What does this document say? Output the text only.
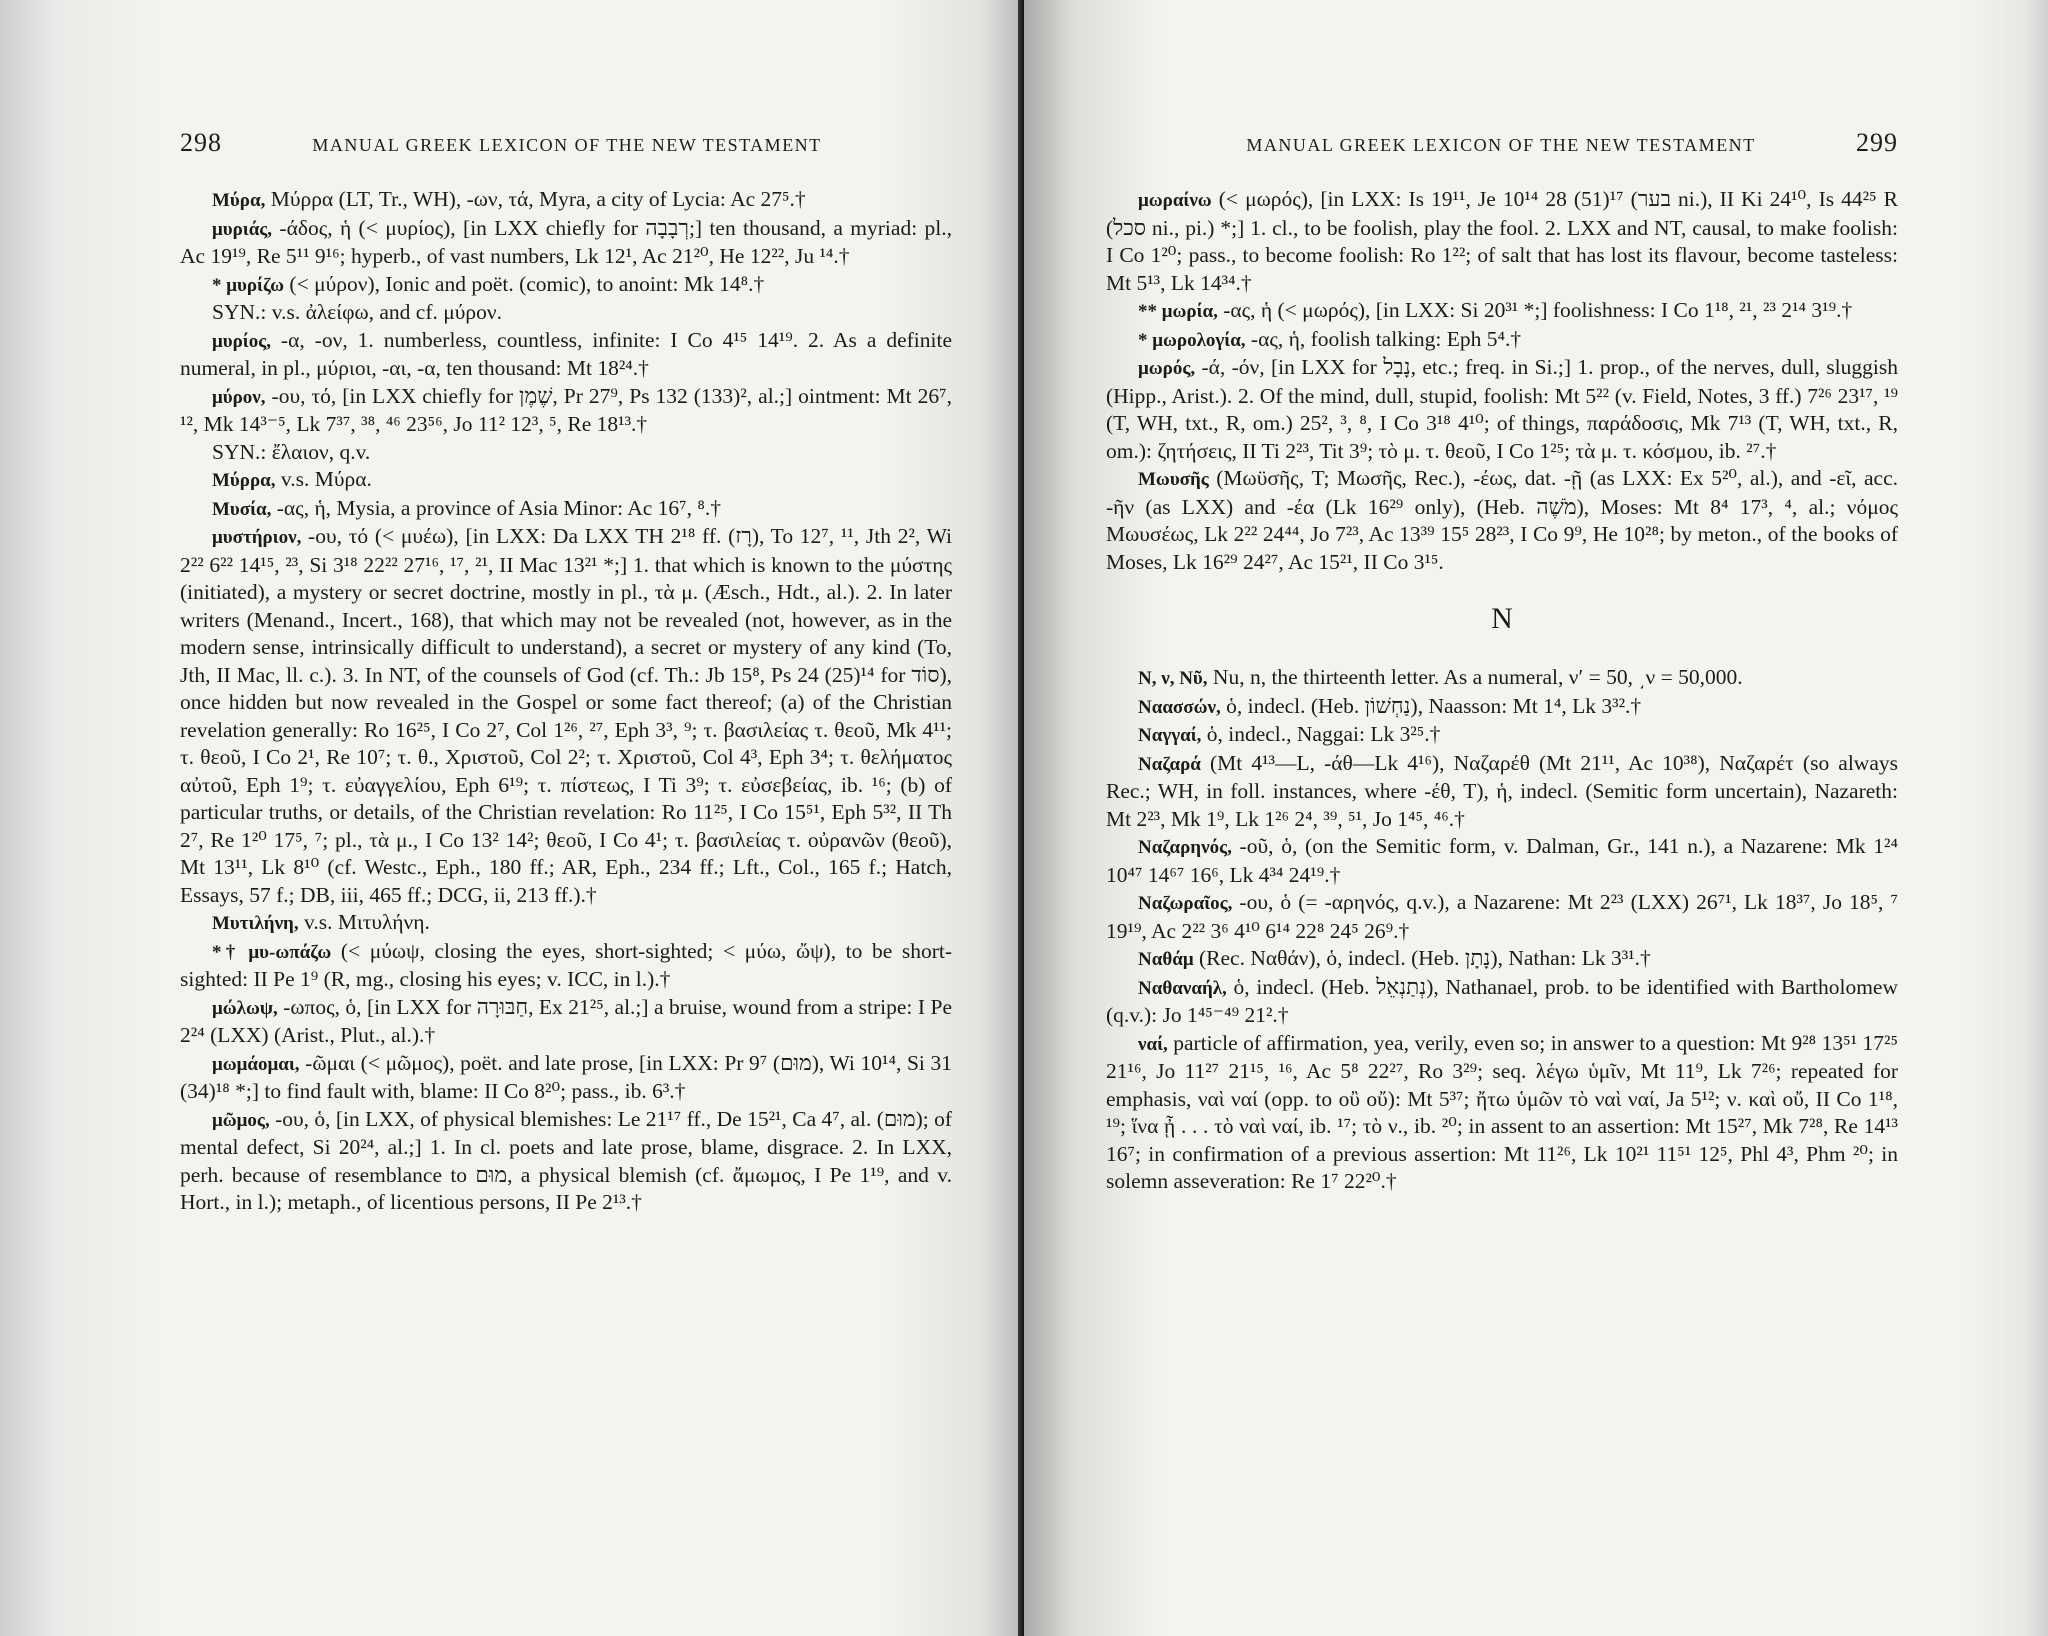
298	MANUAL GREEK LEXICON OF THE NEW TESTAMENT

Μύρα, Μύρρα (LT, Tr., WH), -ων, τά, Myra, a city of Lycia: Ac 27⁵.†

μυριάς, -άδος, ἡ (< μυρίος), [in LXX chiefly for רְבָבָה;] ten thousand, a myriad: pl., Ac 19¹⁹, Re 5¹¹ 9¹⁶; hyperb., of vast numbers, Lk 12¹, Ac 21²⁰, He 12²², Ju ¹⁴.†

* μυρίζω (< μύρον), Ionic and poët. (comic), to anoint: Mk 14⁸.†

SYN.: v.s. ἀλείφω, and cf. μύρον.

μυρίος, -α, -ον, 1. numberless, countless, infinite: I Co 4¹⁵ 14¹⁹. 2. As a definite numeral, in pl., μύριοι, -αι, -α, ten thousand: Mt 18²⁴.†

μύρον, -ου, τό, [in LXX chiefly for שֶׁמֶן, Pr 27⁹, Ps 132 (133)², al.;] ointment: Mt 26⁷, ¹², Mk 14³⁻⁵, Lk 7³⁷, ³⁸, ⁴⁶ 23⁵⁶, Jo 11² 12³, ⁵, Re 18¹³.†

SYN.: ἔλαιον, q.v.

Μύρρα, v.s. Μύρα.

Μυσία, -ας, ἡ, Mysia, a province of Asia Minor: Ac 16⁷, ⁸.†

μυστήριον, -ου, τό (< μυέω), [in LXX: Da LXX TH 2¹⁸ ff. (רָז), To 12⁷, ¹¹, Jth 2², Wi 2²² 6²² 14¹⁵, ²³, Si 3¹⁸ 22²² 27¹⁶, ¹⁷, ²¹, II Mac 13²¹ *;] 1. that which is known to the μύστης (initiated), a mystery or secret doctrine, mostly in pl., τὰ μ. (Æsch., Hdt., al.). 2. In later writers (Menand., Incert., 168), that which may not be revealed (not, however, as in the modern sense, intrinsically difficult to understand), a secret or mystery of any kind (To, Jth, II Mac, ll. c.). 3. In NT, of the counsels of God (cf. Th.: Jb 15⁸, Ps 24 (25)¹⁴ for סוֹד), once hidden but now revealed in the Gospel or some fact thereof; (a) of the Christian revelation generally: Ro 16²⁵, I Co 2⁷, Col 1²⁶, ²⁷, Eph 3³, ⁹; τ. βασιλείας τ. θεοῦ, Mk 4¹¹; τ. θεοῦ, I Co 2¹, Re 10⁷; τ. θ., Χριστοῦ, Col 2²; τ. Χριστοῦ, Col 4³, Eph 3⁴; τ. θελήματος αὐτοῦ, Eph 1⁹; τ. εὐαγγελίου, Eph 6¹⁹; τ. πίστεως, I Ti 3⁹; τ. εὐσεβείας, ib. ¹⁶; (b) of particular truths, or details, of the Christian revelation: Ro 11²⁵, I Co 15⁵¹, Eph 5³², II Th 2⁷, Re 1²⁰ 17⁵, ⁷; pl., τὰ μ., I Co 13² 14²; θεοῦ, I Co 4¹; τ. βασιλείας τ. οὐρανῶν (θεοῦ), Mt 13¹¹, Lk 8¹⁰ (cf. Westc., Eph., 180 ff.; AR, Eph., 234 ff.; Lft., Col., 165 f.; Hatch, Essays, 57 f.; DB, iii, 465 ff.; DCG, ii, 213 ff.).†

Μυτιλήνη, v.s. Μιτυλήνη.

*† μυ-ωπάζω (< μύωψ, closing the eyes, short-sighted; < μύω, ὤψ), to be short-sighted: II Pe 1⁹ (R, mg., closing his eyes; v. ICC, in l.).†

μώλωψ, -ωπος, ὁ, [in LXX for חַבּוּרָה, Ex 21²⁵, al.;] a bruise, wound from a stripe: I Pe 2²⁴ (LXX) (Arist., Plut., al.).†

μωμάομαι, -ῶμαι (< μῶμος), poët. and late prose, [in LXX: Pr 9⁷ (מוּם), Wi 10¹⁴, Si 31 (34)¹⁸ *;] to find fault with, blame: II Co 8²⁰; pass., ib. 6³.†

μῶμος, -ου, ὁ, [in LXX, of physical blemishes: Le 21¹⁷ ff., De 15²¹, Ca 4⁷, al. (מוּם); of mental defect, Si 20²⁴, al.;] 1. In cl. poets and late prose, blame, disgrace. 2. In LXX, perh. because of resemblance to מוּם, a physical blemish (cf. ἄμωμος, I Pe 1¹⁹, and v. Hort., in l.); metaph., of licentious persons, II Pe 2¹³.†

MANUAL GREEK LEXICON OF THE NEW TESTAMENT	299

μωραίνω (< μωρός), [in LXX: Is 19¹¹, Je 10¹⁴ 28 (51)¹⁷ (בער ni.), II Ki 24¹⁰, Is 44²⁵ R (סכל ni., pi.) *;] 1. cl., to be foolish, play the fool. 2. LXX and NT, causal, to make foolish: I Co 1²⁰; pass., to become foolish: Ro 1²²; of salt that has lost its flavour, become tasteless: Mt 5¹³, Lk 14³⁴.†

** μωρία, -ας, ἡ (< μωρός), [in LXX: Si 20³¹ *;] foolishness: I Co 1¹⁸, ²¹, ²³ 2¹⁴ 3¹⁹.†

* μωρολογία, -ας, ἡ, foolish talking: Eph 5⁴.†

μωρός, -ά, -όν, [in LXX for נָבָל, etc.; freq. in Si.;] 1. prop., of the nerves, dull, sluggish (Hipp., Arist.). 2. Of the mind, dull, stupid, foolish: Mt 5²² (v. Field, Notes, 3 ff.) 7²⁶ 23¹⁷, ¹⁹ (T, WH, txt., R, om.) 25², ³, ⁸, I Co 3¹⁸ 4¹⁰; of things, παράδοσις, Mk 7¹³ (T, WH, txt., R, om.): ζητήσεις, II Ti 2²³, Tit 3⁹; τὸ μ. τ. θεοῦ, I Co 1²⁵; τὰ μ. τ. κόσμου, ib. ²⁷.†

Μωυσῆς (Μωϋσῆς, T; Μωσῆς, Rec.), -έως, dat. -ῇ (as LXX: Ex 5²⁰, al.), and -εῖ, acc. -ῆν (as LXX) and -έα (Lk 16²⁹ only), (Heb. מֹשֶׁה), Moses: Mt 8⁴ 17³, ⁴, al.; νόμος Μωυσέως, Lk 2²² 24⁴⁴, Jo 7²³, Ac 13³⁹ 15⁵ 28²³, I Co 9⁹, He 10²⁸; by meton., of the books of Moses, Lk 16²⁹ 24²⁷, Ac 15²¹, II Co 3¹⁵.

N

Ν, ν, Νῦ, Nu, n, the thirteenth letter. As a numeral, ν′ = 50, ͵ν = 50,000.

Ναασσών, ὁ, indecl. (Heb. נַחְשׁוֹן), Naasson: Mt 1⁴, Lk 3³².†

Ναγγαί, ὁ, indecl., Naggai: Lk 3²⁵.†

Ναζαρά (Mt 4¹³—L, -άθ—Lk 4¹⁶), Ναζαρέθ (Mt 21¹¹, Ac 10³⁸), Ναζαρέτ (so always Rec.; WH, in foll. instances, where -έθ, T), ἡ, indecl. (Semitic form uncertain), Nazareth: Mt 2²³, Mk 1⁹, Lk 1²⁶ 2⁴, ³⁹, ⁵¹, Jo 1⁴⁵, ⁴⁶.†

Ναζαρηνός, -οῦ, ὁ, (on the Semitic form, v. Dalman, Gr., 141 n.), a Nazarene: Mk 1²⁴ 10⁴⁷ 14⁶⁷ 16⁶, Lk 4³⁴ 24¹⁹.†

Ναζωραῖος, -ου, ὁ (= -αρηνός, q.v.), a Nazarene: Mt 2²³ (LXX) 26⁷¹, Lk 18³⁷, Jo 18⁵, ⁷ 19¹⁹, Ac 2²² 3⁶ 4¹⁰ 6¹⁴ 22⁸ 24⁵ 26⁹.†

Ναθάμ (Rec. Ναθάν), ὁ, indecl. (Heb. נָתָן), Nathan: Lk 3³¹.†

Ναθαναήλ, ὁ, indecl. (Heb. נְתַנְאֵל), Nathanael, prob. to be identified with Bartholomew (q.v.): Jo 1⁴⁵⁻⁴⁹ 21².†

ναί, particle of affirmation, yea, verily, even so; in answer to a question: Mt 9²⁸ 13⁵¹ 17²⁵ 21¹⁶, Jo 11²⁷ 21¹⁵, ¹⁶, Ac 5⁸ 22²⁷, Ro 3²⁹; seq. λέγω ὑμῖν, Mt 11⁹, Lk 7²⁶; repeated for emphasis, ναὶ ναί (opp. to οὒ οὔ): Mt 5³⁷; ἤτω ὑμῶν τὸ ναὶ ναί, Ja 5¹²; ν. καὶ οὔ, II Co 1¹⁸, ¹⁹; ἵνα ᾖ . . . τὸ ναὶ ναί, ib. ¹⁷; τὸ ν., ib. ²⁰; in assent to an assertion: Mt 15²⁷, Mk 7²⁸, Re 14¹³ 16⁷; in confirmation of a previous assertion: Mt 11²⁶, Lk 10²¹ 11⁵¹ 12⁵, Phl 4³, Phm ²⁰; in solemn asseveration: Re 1⁷ 22²⁰.†
